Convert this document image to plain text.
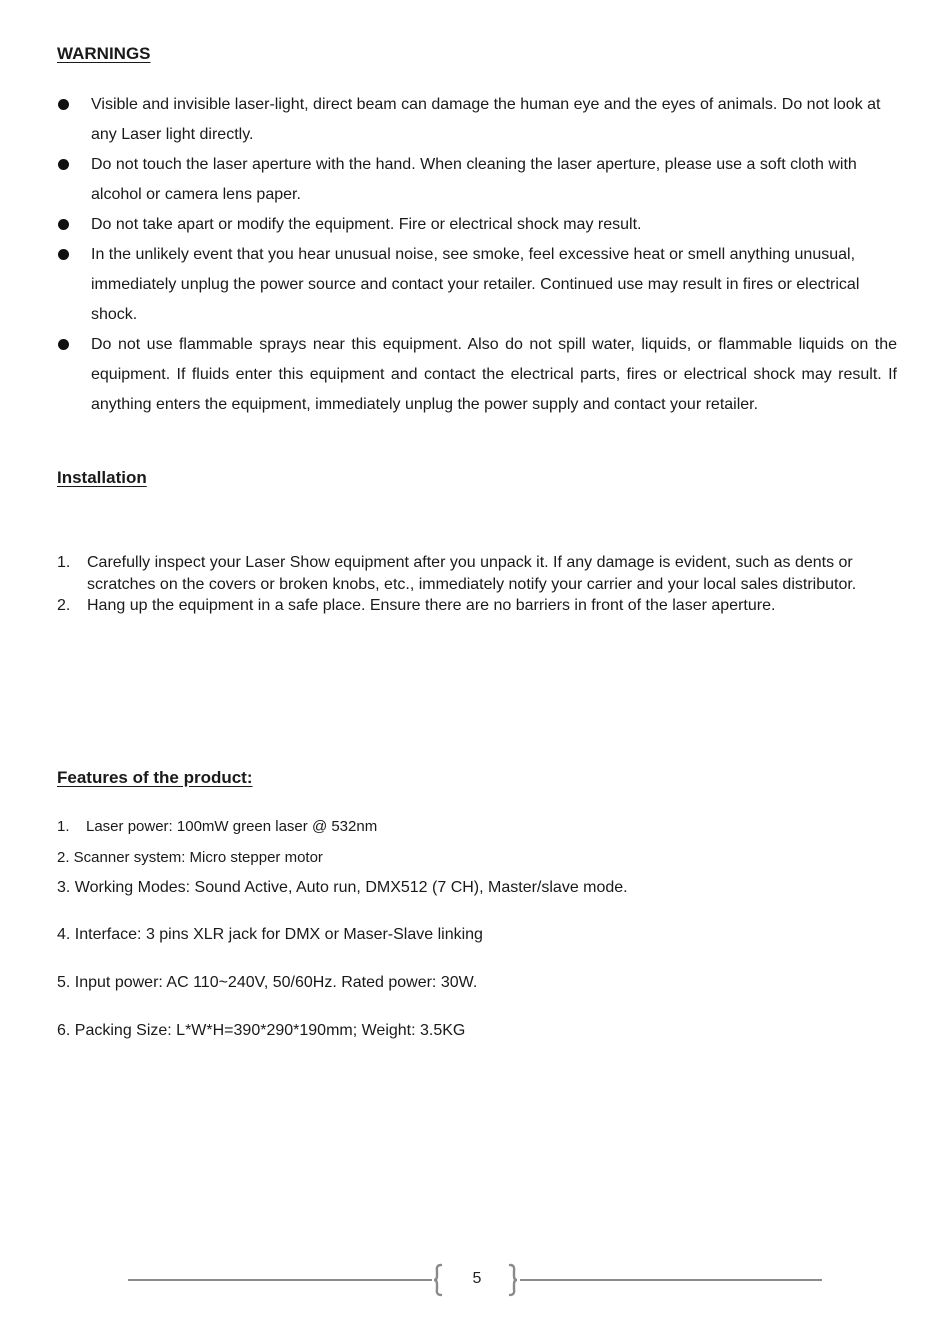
WARNINGS
Visible and invisible laser-light, direct beam can damage the human eye and the eyes of animals. Do not look at any Laser light directly.
Do not touch the laser aperture with the hand. When cleaning the laser aperture, please use a soft cloth with alcohol or camera lens paper.
Do not take apart or modify the equipment. Fire or electrical shock may result.
In the unlikely event that you hear unusual noise, see smoke, feel excessive heat or smell anything unusual, immediately unplug the power source and contact your retailer. Continued use may result in fires or electrical shock.
Do not use flammable sprays near this equipment. Also do not spill water, liquids, or flammable liquids on the equipment. If fluids enter this equipment and contact the electrical parts, fires or electrical shock may result. If anything enters the equipment, immediately unplug the power supply and contact your retailer.
Installation
1. Carefully inspect your Laser Show equipment after you unpack it. If any damage is evident, such as dents or scratches on the covers or broken knobs, etc., immediately notify your carrier and your local sales distributor.
2. Hang up the equipment in a safe place. Ensure there are no barriers in front of the laser aperture.
Features of the product:

1. Laser power: 100mW green laser @ 532nm

2. Scanner system: Micro stepper motor

3. Working Modes: Sound Active, Auto run, DMX512 (7 CH), Master/slave mode.

4. Interface: 3 pins XLR jack for DMX or Maser-Slave linking

5. Input power: AC 110~240V, 50/60Hz. Rated power: 30W.

6. Packing Size: L*W*H=390*290*190mm; Weight: 3.5KG

5
